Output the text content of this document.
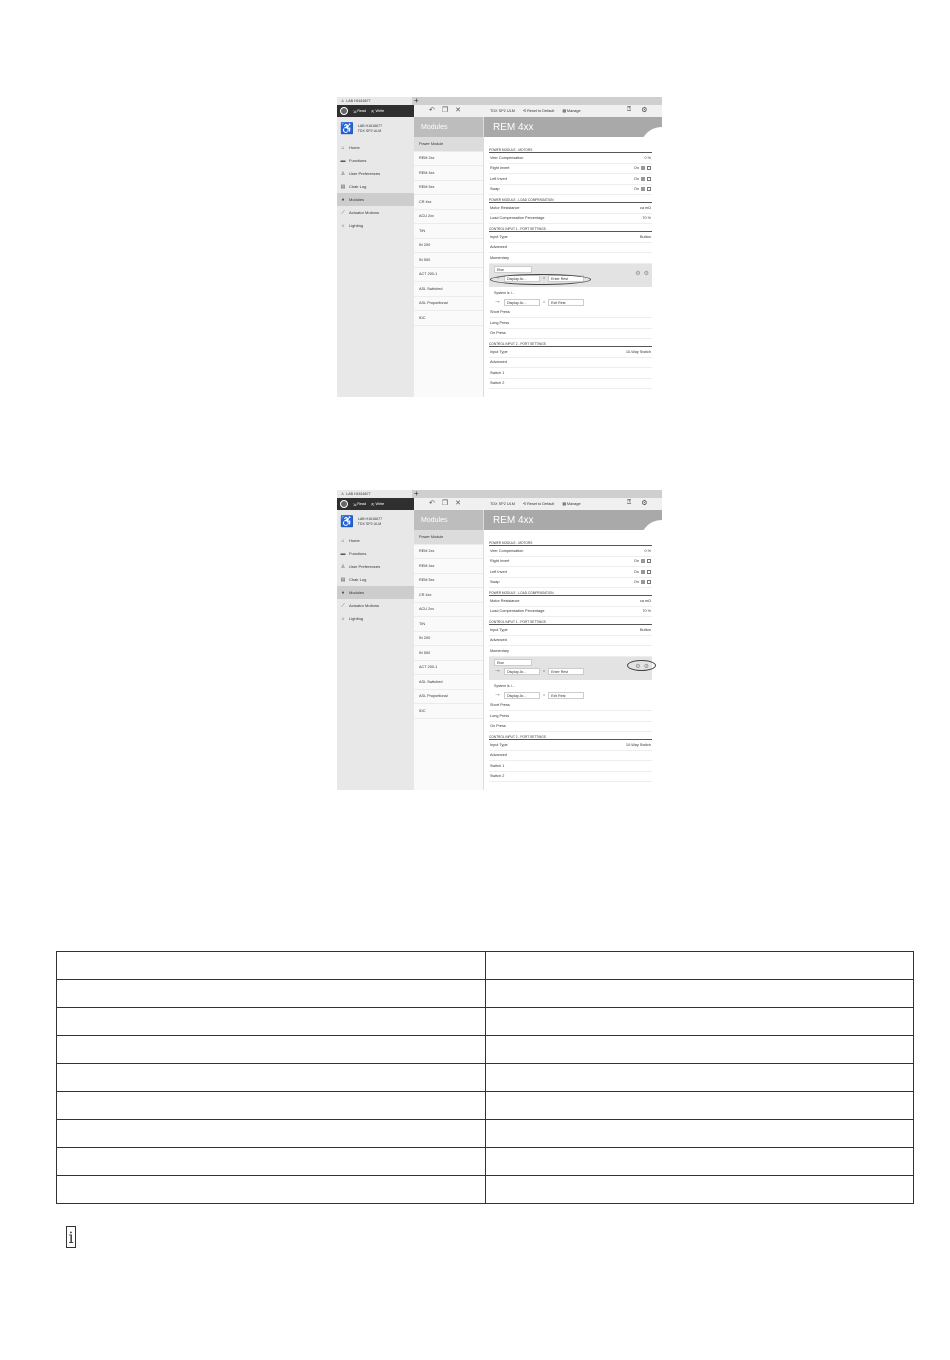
♙ LAB H1616677	+
⇲ Read ⇱ Write	↶ ❐ ✕	TDX SP2 ULM ⟲ Reset to Default ▦ Manage	⍰ ⚙
♿ LAB H1616677
TDX SP2 ULM
⌂	Home
▬ Functions
♙ User Preferences
▤ Chair Log
●	Modules
⟋	Actuator Motions
☼ Lighting
Modules
Power Module
REM 2xx
REM 4xx
REM 5xx
CR 4xx
ACU 2xx
TIN
IN 200
IN 500
ACT 200-1
ASL Switched
ASL Proportional
IDC
REM 4xx
POWER MODULE - MOTORS
Veer Compensation	0 %
Right Invert	On
Left Invert	On
Swap	On
POWER MODULE - LOAD COMPENSATION
Motor Resistance	ca mΩ
Load Compensation Percentage	70 %
CONTROL INPUT 1 - PORT SETTINGS
Input Type	Button
Advanced
Momentary
Else
→	Display Ar...	=	Enter Rest
⚙ ⚙
System is I...
→	Display Ar...	=	Exit Rest
Short Press
Long Press
On Press
CONTROL INPUT 2 - PORT SETTINGS
Input Type	10-Way Switch
Advanced
Switch 1
Switch 2
♙ LAB H1616677	+
⇲ Read ⇱ Write	↶ ❐ ✕	TDX SP2 ULM ⟲ Reset to Default ▦ Manage	⍰ ⚙
♿ LAB H1616677
TDX SP2 ULM
⌂	Home
▬ Functions
♙ User Preferences
▤ Chair Log
●	Modules
⟋	Actuator Motions
☼ Lighting
Modules
Power Module
REM 2xx
REM 4xx
REM 5xx
CR 4xx
ACU 2xx
TIN
IN 200
IN 500
ACT 200-1
ASL Switched
ASL Proportional
IDC
REM 4xx
POWER MODULE - MOTORS
Veer Compensation	0 %
Right Invert	On
Left Invert	On
Swap	On
POWER MODULE - LOAD COMPENSATION
Motor Resistance	ca mΩ
Load Compensation Percentage	70 %
CONTROL INPUT 1 - PORT SETTINGS
Input Type	Button
Advanced
Momentary
Else
→	Display Ar...	=	Enter Rest
⚙ ⚙
System is I...
→	Display Ar...	=	Exit Rest
Short Press
Long Press
On Press
CONTROL INPUT 2 - PORT SETTINGS
Input Type	10-Way Switch
Advanced
Switch 1
Switch 2

i
